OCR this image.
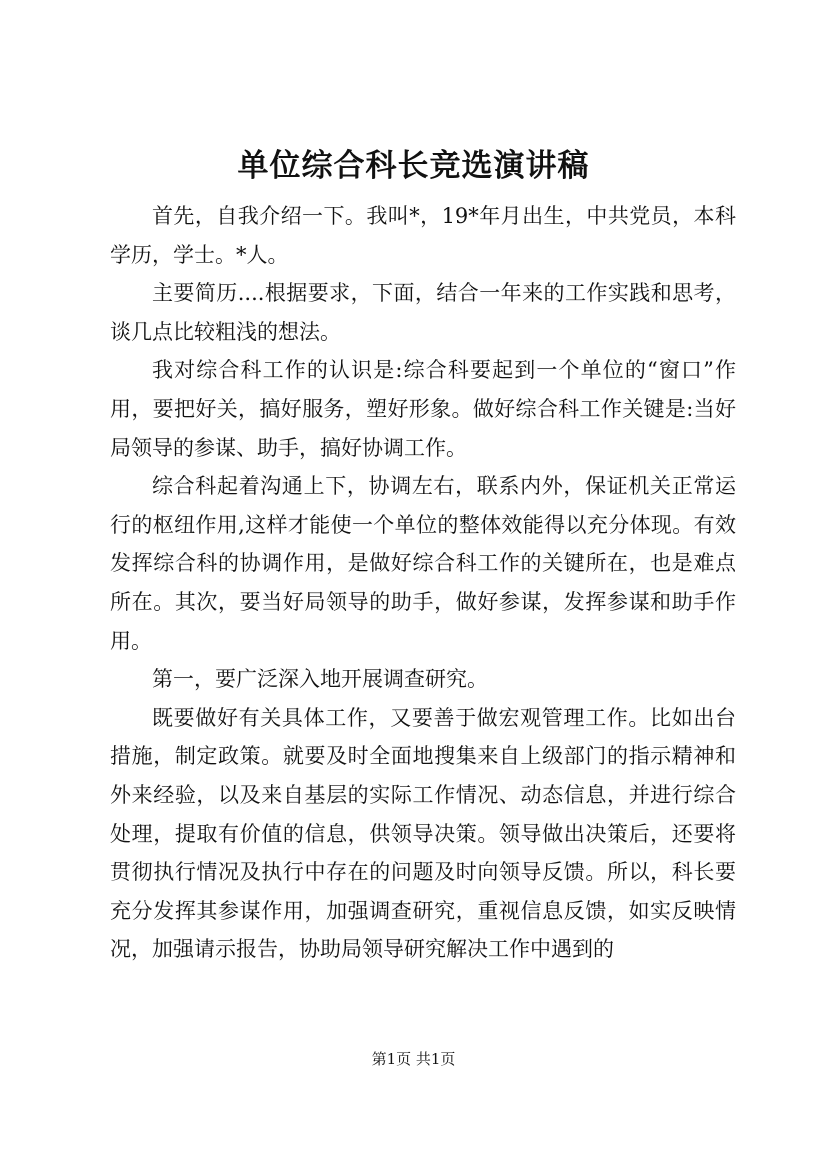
单位综合科长竞选演讲稿

首先，自我介绍一下。我叫*，19*年月出生，中共党员，本科学历，学士。*人。

主要简历....根据要求，下面，结合一年来的工作实践和思考，谈几点比较粗浅的想法。

我对综合科工作的认识是:综合科要起到一个单位的“窗口”作用，要把好关，搞好服务，塑好形象。做好综合科工作关键是:当好局领导的参谋、助手，搞好协调工作。

综合科起着沟通上下，协调左右，联系内外，保证机关正常运行的枢纽作用,这样才能使一个单位的整体效能得以充分体现。有效发挥综合科的协调作用，是做好综合科工作的关键所在，也是难点所在。其次，要当好局领导的助手，做好参谋，发挥参谋和助手作用。

第一，要广泛深入地开展调查研究。

既要做好有关具体工作，又要善于做宏观管理工作。比如出台措施，制定政策。就要及时全面地搜集来自上级部门的指示精神和外来经验，以及来自基层的实际工作情况、动态信息，并进行综合处理，提取有价值的信息，供领导决策。领导做出决策后，还要将贯彻执行情况及执行中存在的问题及时向领导反馈。所以，科长要充分发挥其参谋作用，加强调查研究，重视信息反馈，如实反映情况，加强请示报告，协助局领导研究解决工作中遇到的

第1页 共1页
